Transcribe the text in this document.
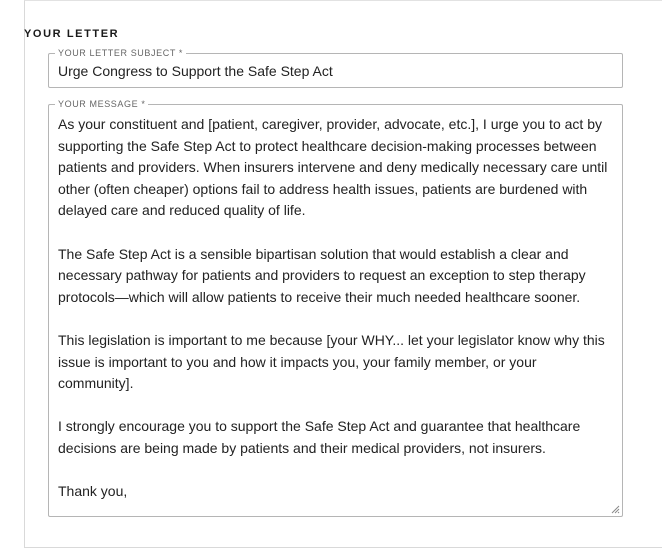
YOUR LETTER
YOUR LETTER SUBJECT *
Urge Congress to Support the Safe Step Act
YOUR MESSAGE *

As your constituent and [patient, caregiver, provider, advocate, etc.], I urge you to act by supporting the Safe Step Act to protect healthcare decision-making processes between patients and providers. When insurers intervene and deny medically necessary care until other (often cheaper) options fail to address health issues, patients are burdened with delayed care and reduced quality of life.

The Safe Step Act is a sensible bipartisan solution that would establish a clear and necessary pathway for patients and providers to request an exception to step therapy protocols—which will allow patients to receive their much needed healthcare sooner.

This legislation is important to me because [your WHY... let your legislator know why this issue is important to you and how it impacts you, your family member, or your community].

I strongly encourage you to support the Safe Step Act and guarantee that healthcare decisions are being made by patients and their medical providers, not insurers.

Thank you,
